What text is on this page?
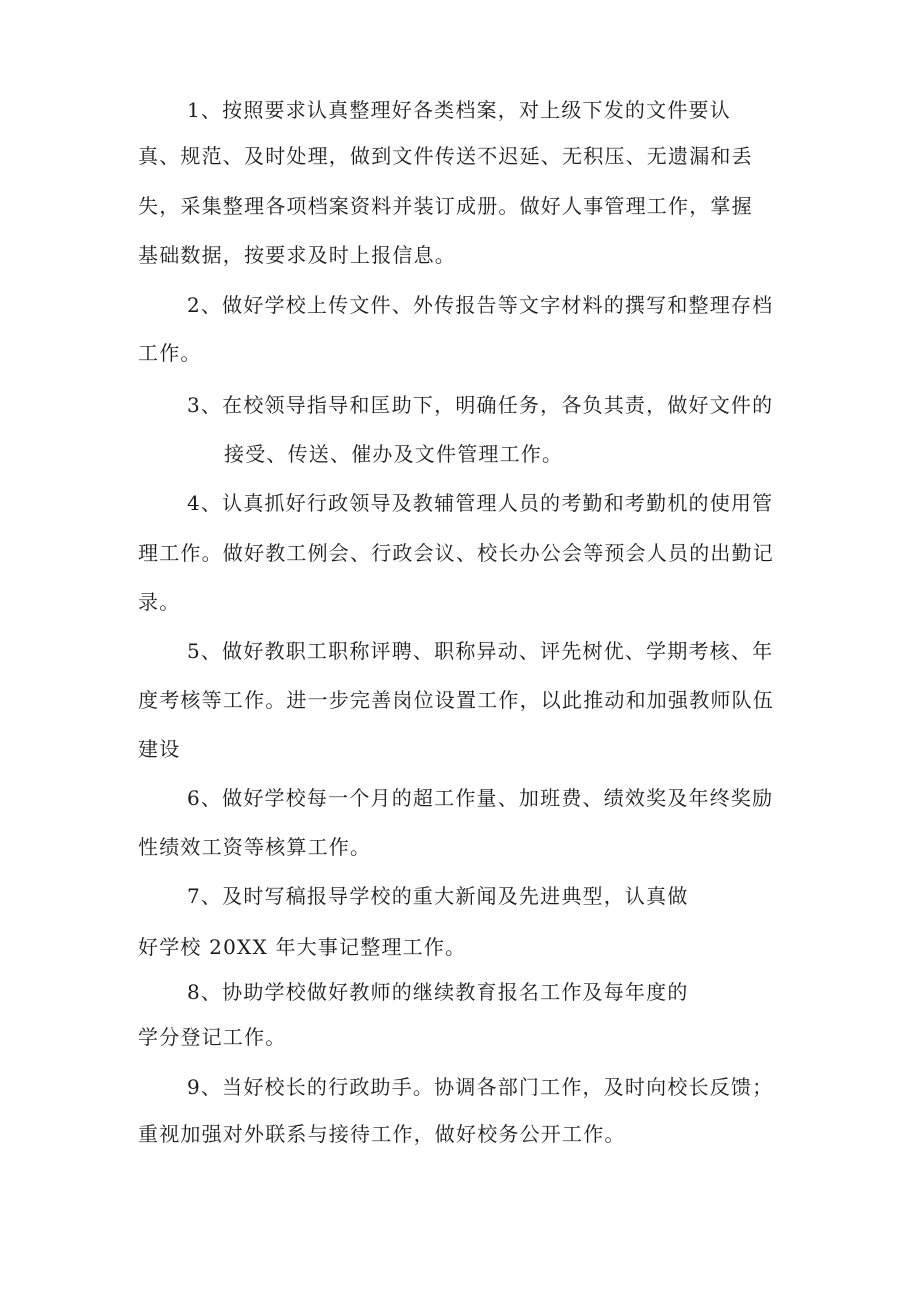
1、按照要求认真整理好各类档案，对上级下发的文件要认
真、规范、及时处理，做到文件传送不迟延、无积压、无遗漏和丢
失，采集整理各项档案资料并装订成册。做好人事管理工作，掌握
基础数据，按要求及时上报信息。
2、做好学校上传文件、外传报告等文字材料的撰写和整理存档
工作。
3、在校领导指导和匡助下，明确任务，各负其责，做好文件的
接受、传送、催办及文件管理工作。
4、认真抓好行政领导及教辅管理人员的考勤和考勤机的使用管
理工作。做好教工例会、行政会议、校长办公会等预会人员的出勤记
录。
5、做好教职工职称评聘、职称异动、评先树优、学期考核、年
度考核等工作。进一步完善岗位设置工作，以此推动和加强教师队伍
建设
6、做好学校每一个月的超工作量、加班费、绩效奖及年终奖励
性绩效工资等核算工作。
7、及时写稿报导学校的重大新闻及先进典型，认真做
好学校 20XX 年大事记整理工作。
8、协助学校做好教师的继续教育报名工作及每年度的
学分登记工作。
9、当好校长的行政助手。协调各部门工作，及时向校长反馈；
重视加强对外联系与接待工作，做好校务公开工作。
